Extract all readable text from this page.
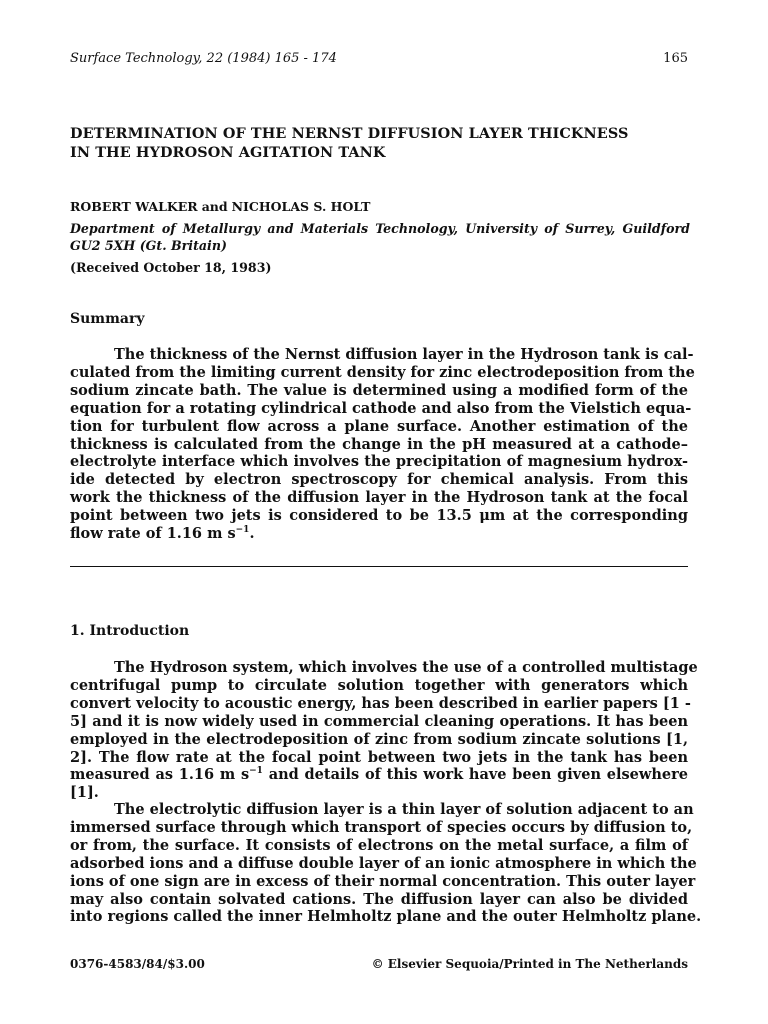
Surface Technology, 22 (1984) 165 - 174	165
DETERMINATION OF THE NERNST DIFFUSION LAYER THICKNESS
IN THE HYDROSON AGITATION TANK
ROBERT WALKER and NICHOLAS S. HOLT
Department of Metallurgy and Materials Technology, University of Surrey, Guildford
GU2 5XH (Gt. Britain)
(Received October 18, 1983)
Summary
The thickness of the Nernst diffusion layer in the Hydroson tank is cal-
culated from the limiting current density for zinc electrodeposition from the
sodium zincate bath. The value is determined using a modified form of the
equation for a rotating cylindrical cathode and also from the Vielstich equa-
tion for turbulent flow across a plane surface. Another estimation of the
thickness is calculated from the change in the pH measured at a cathode–
electrolyte interface which involves the precipitation of magnesium hydrox-
ide detected by electron spectroscopy for chemical analysis. From this
work the thickness of the diffusion layer in the Hydroson tank at the focal
point between two jets is considered to be 13.5 μm at the corresponding
flow rate of 1.16 m $s^{-1}$.
1. Introduction
The Hydroson system, which involves the use of a controlled multistage
centrifugal pump to circulate solution together with generators which
convert velocity to acoustic energy, has been described in earlier papers [1 -
5] and it is now widely used in commercial cleaning operations. It has been
employed in the electrodeposition of zinc from sodium zincate solutions [1,
2]. The flow rate at the focal point between two jets in the tank has been
measured as 1.16 m $s^{-1}$ and details of this work have been given elsewhere
[1].
The electrolytic diffusion layer is a thin layer of solution adjacent to an
immersed surface through which transport of species occurs by diffusion to,
or from, the surface. It consists of electrons on the metal surface, a film of
adsorbed ions and a diffuse double layer of an ionic atmosphere in which the
ions of one sign are in excess of their normal concentration. This outer layer
may also contain solvated cations. The diffusion layer can also be divided
into regions called the inner Helmholtz plane and the outer Helmholtz plane.
0376-4583/84/$3.00	© Elsevier Sequoia/Printed in The Netherlands
